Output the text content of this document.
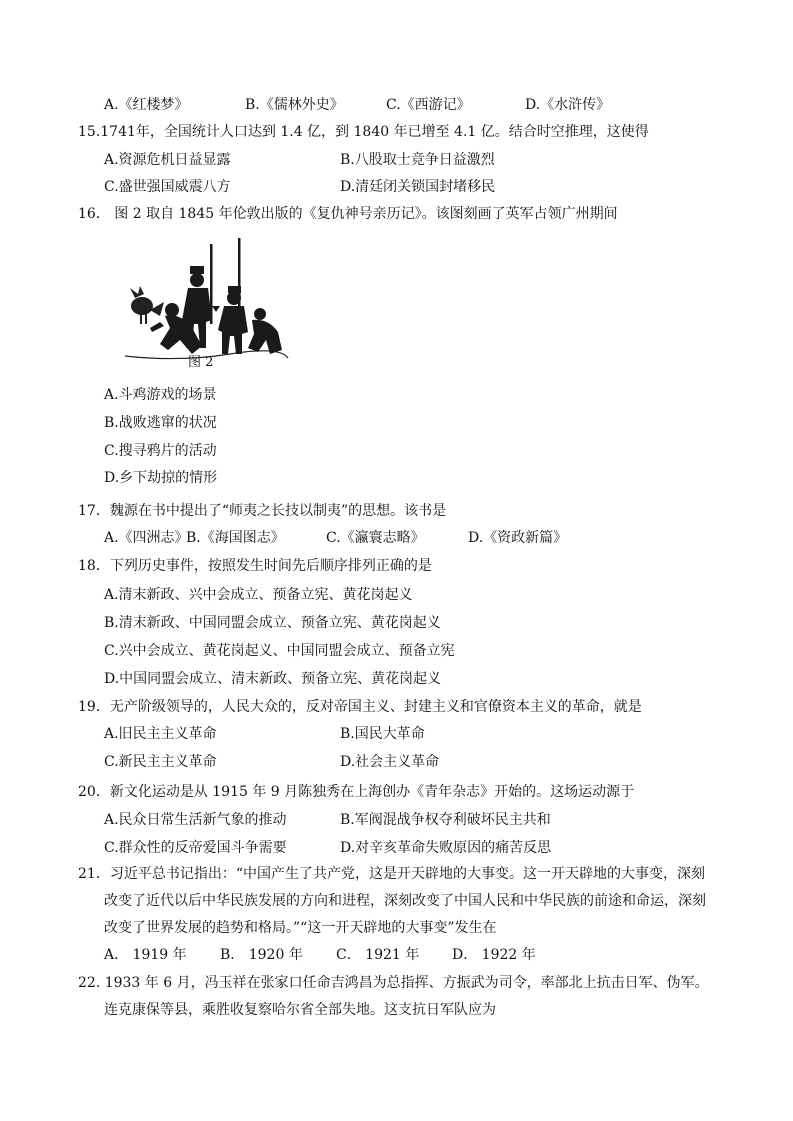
A.《红楼梦》	B.《儒林外史》	C.《西游记》	D.《水浒传》
15.1741年，全国统计人口达到 1.4 亿，到 1840 年已增至 4.1 亿。结合时空推理，这使得
A.资源危机日益显露	B.八股取士竞争日益激烈
C.盛世强国威震八方	D.清廷闭关锁国封堵移民
16． 图 2 取自 1845 年伦敦出版的《复仇神号亲历记》。该图刻画了英军占领广州期间
图 2
A.斗鸡游戏的场景
B.战败逃窜的状况
C.搜寻鸦片的活动
D.乡下劫掠的情形
17．魏源在书中提出了“师夷之长技以制夷”的思想。该书是
A.《四洲志》
B.《海国图志》	C.《瀛寰志略》	D.《资政新篇》
18．下列历史事件，按照发生时间先后顺序排列正确的是
A.清末新政、兴中会成立、预备立宪、黄花岗起义
B.清末新政、中国同盟会成立、预备立宪、黄花岗起义
C.兴中会成立、黄花岗起义、中国同盟会成立、预备立宪
D.中国同盟会成立、清末新政、预备立宪、黄花岗起义
19．无产阶级领导的，人民大众的，反对帝国主义、封建主义和官僚资本主义的革命，就是
A.旧民主主义革命	B.国民大革命
C.新民主主义革命	D.社会主义革命
20．新文化运动是从 1915 年 9 月陈独秀在上海创办《青年杂志》开始的。这场运动源于
A.民众日常生活新气象的推动	B.军阀混战争权夺利破坏民主共和
C.群众性的反帝爱国斗争需要	D.对辛亥革命失败原因的痛苦反思
21．习近平总书记指出：“中国产生了共产党，这是开天辟地的大事变。这一开天辟地的大事变，深刻
改变了近代以后中华民族发展的方向和进程，深刻改变了中国人民和中华民族的前途和命运，深刻
改变了世界发展的趋势和格局。”“这一开天辟地的大事变”发生在
A． 1919 年 B． 1920 年 C． 1921 年 D． 1922 年
22. 1933 年 6 月，冯玉祥在张家口任命吉鸿昌为总指挥、方振武为司令，率部北上抗击日军、伪军。
连克康保等县，乘胜收复察哈尔省全部失地。这支抗日军队应为
